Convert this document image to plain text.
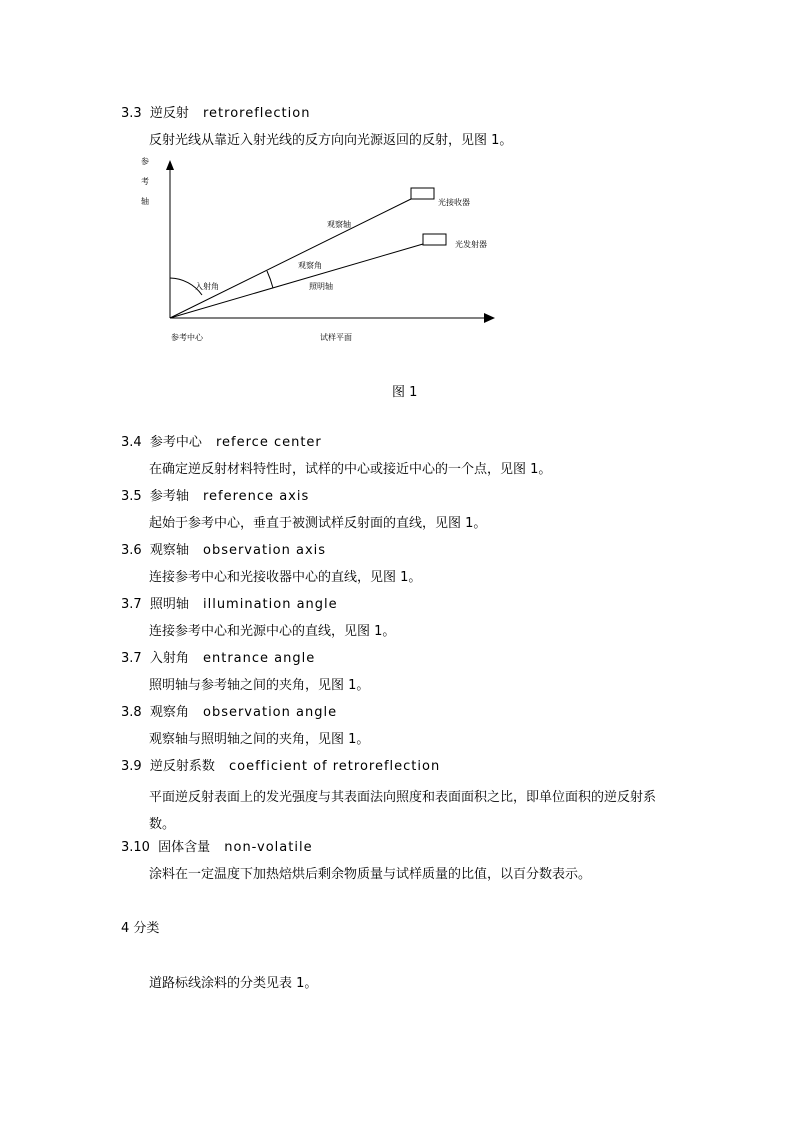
3.3 逆反射 retroreflection
反射光线从靠近入射光线的反方向向光源返回的反射，见图 1。
参
考
轴	光接收器
光发射器
观察轴
观察角
照明轴
入射角
参考中心	试样平面
图 1
3.4 参考中心 referce center
在确定逆反射材料特性时，试样的中心或接近中心的一个点，见图 1。
3.5 参考轴 reference axis
起始于参考中心，垂直于被测试样反射面的直线，见图 1。
3.6 观察轴 observation axis
连接参考中心和光接收器中心的直线，见图 1。
3.7 照明轴 illumination angle
连接参考中心和光源中心的直线，见图 1。
3.7 入射角 entrance angle
照明轴与参考轴之间的夹角，见图 1。
3.8 观察角 observation angle
观察轴与照明轴之间的夹角，见图 1。
3.9 逆反射系数 coefficient of retroreflection
平面逆反射表面上的发光强度与其表面法向照度和表面面积之比，即单位面积的逆反射系数。
3.10 固体含量 non-volatile
涂料在一定温度下加热焙烘后剩余物质量与试样质量的比值，以百分数表示。
4 分类
道路标线涂料的分类见表 1。
